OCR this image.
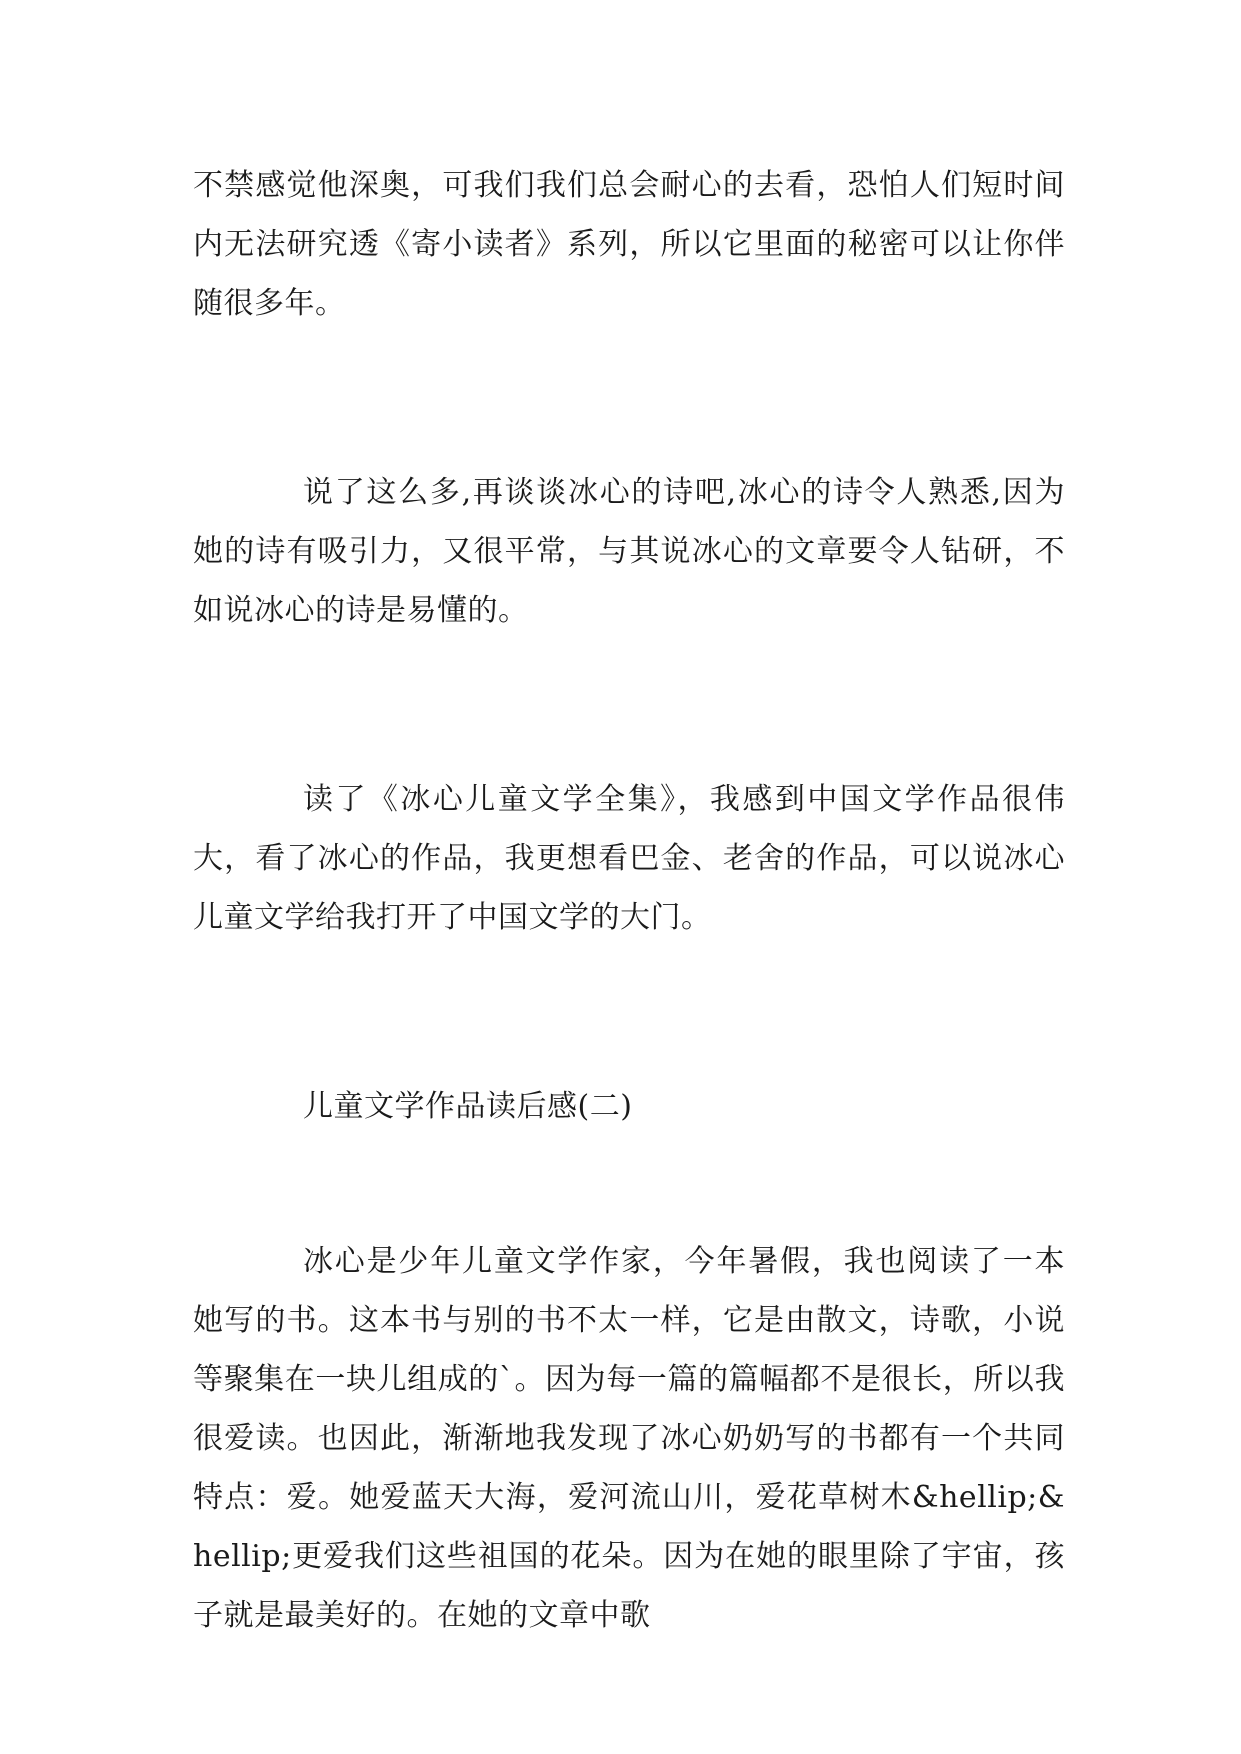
不禁感觉他深奥，可我们我们总会耐心的去看，恐怕人们短时间内无法研究透《寄小读者》系列，所以它里面的秘密可以让你伴随很多年。

说了这么多,再谈谈冰心的诗吧,冰心的诗令人熟悉,因为她的诗有吸引力，又很平常，与其说冰心的文章要令人钻研，不如说冰心的诗是易懂的。

读了《冰心儿童文学全集》，我感到中国文学作品很伟大，看了冰心的作品，我更想看巴金、老舍的作品，可以说冰心儿童文学给我打开了中国文学的大门。

儿童文学作品读后感(二)

冰心是少年儿童文学作家，今年暑假，我也阅读了一本她写的书。这本书与别的书不太一样，它是由散文，诗歌，小说等聚集在一块儿组成的`。因为每一篇的篇幅都不是很长，所以我很爱读。也因此，渐渐地我发现了冰心奶奶写的书都有一个共同特点：爱。她爱蓝天大海，爱河流山川，爱花草树木&hellip;&hellip;更爱我们这些祖国的花朵。因为在她的眼里除了宇宙，孩子就是最美好的。在她的文章中歌
